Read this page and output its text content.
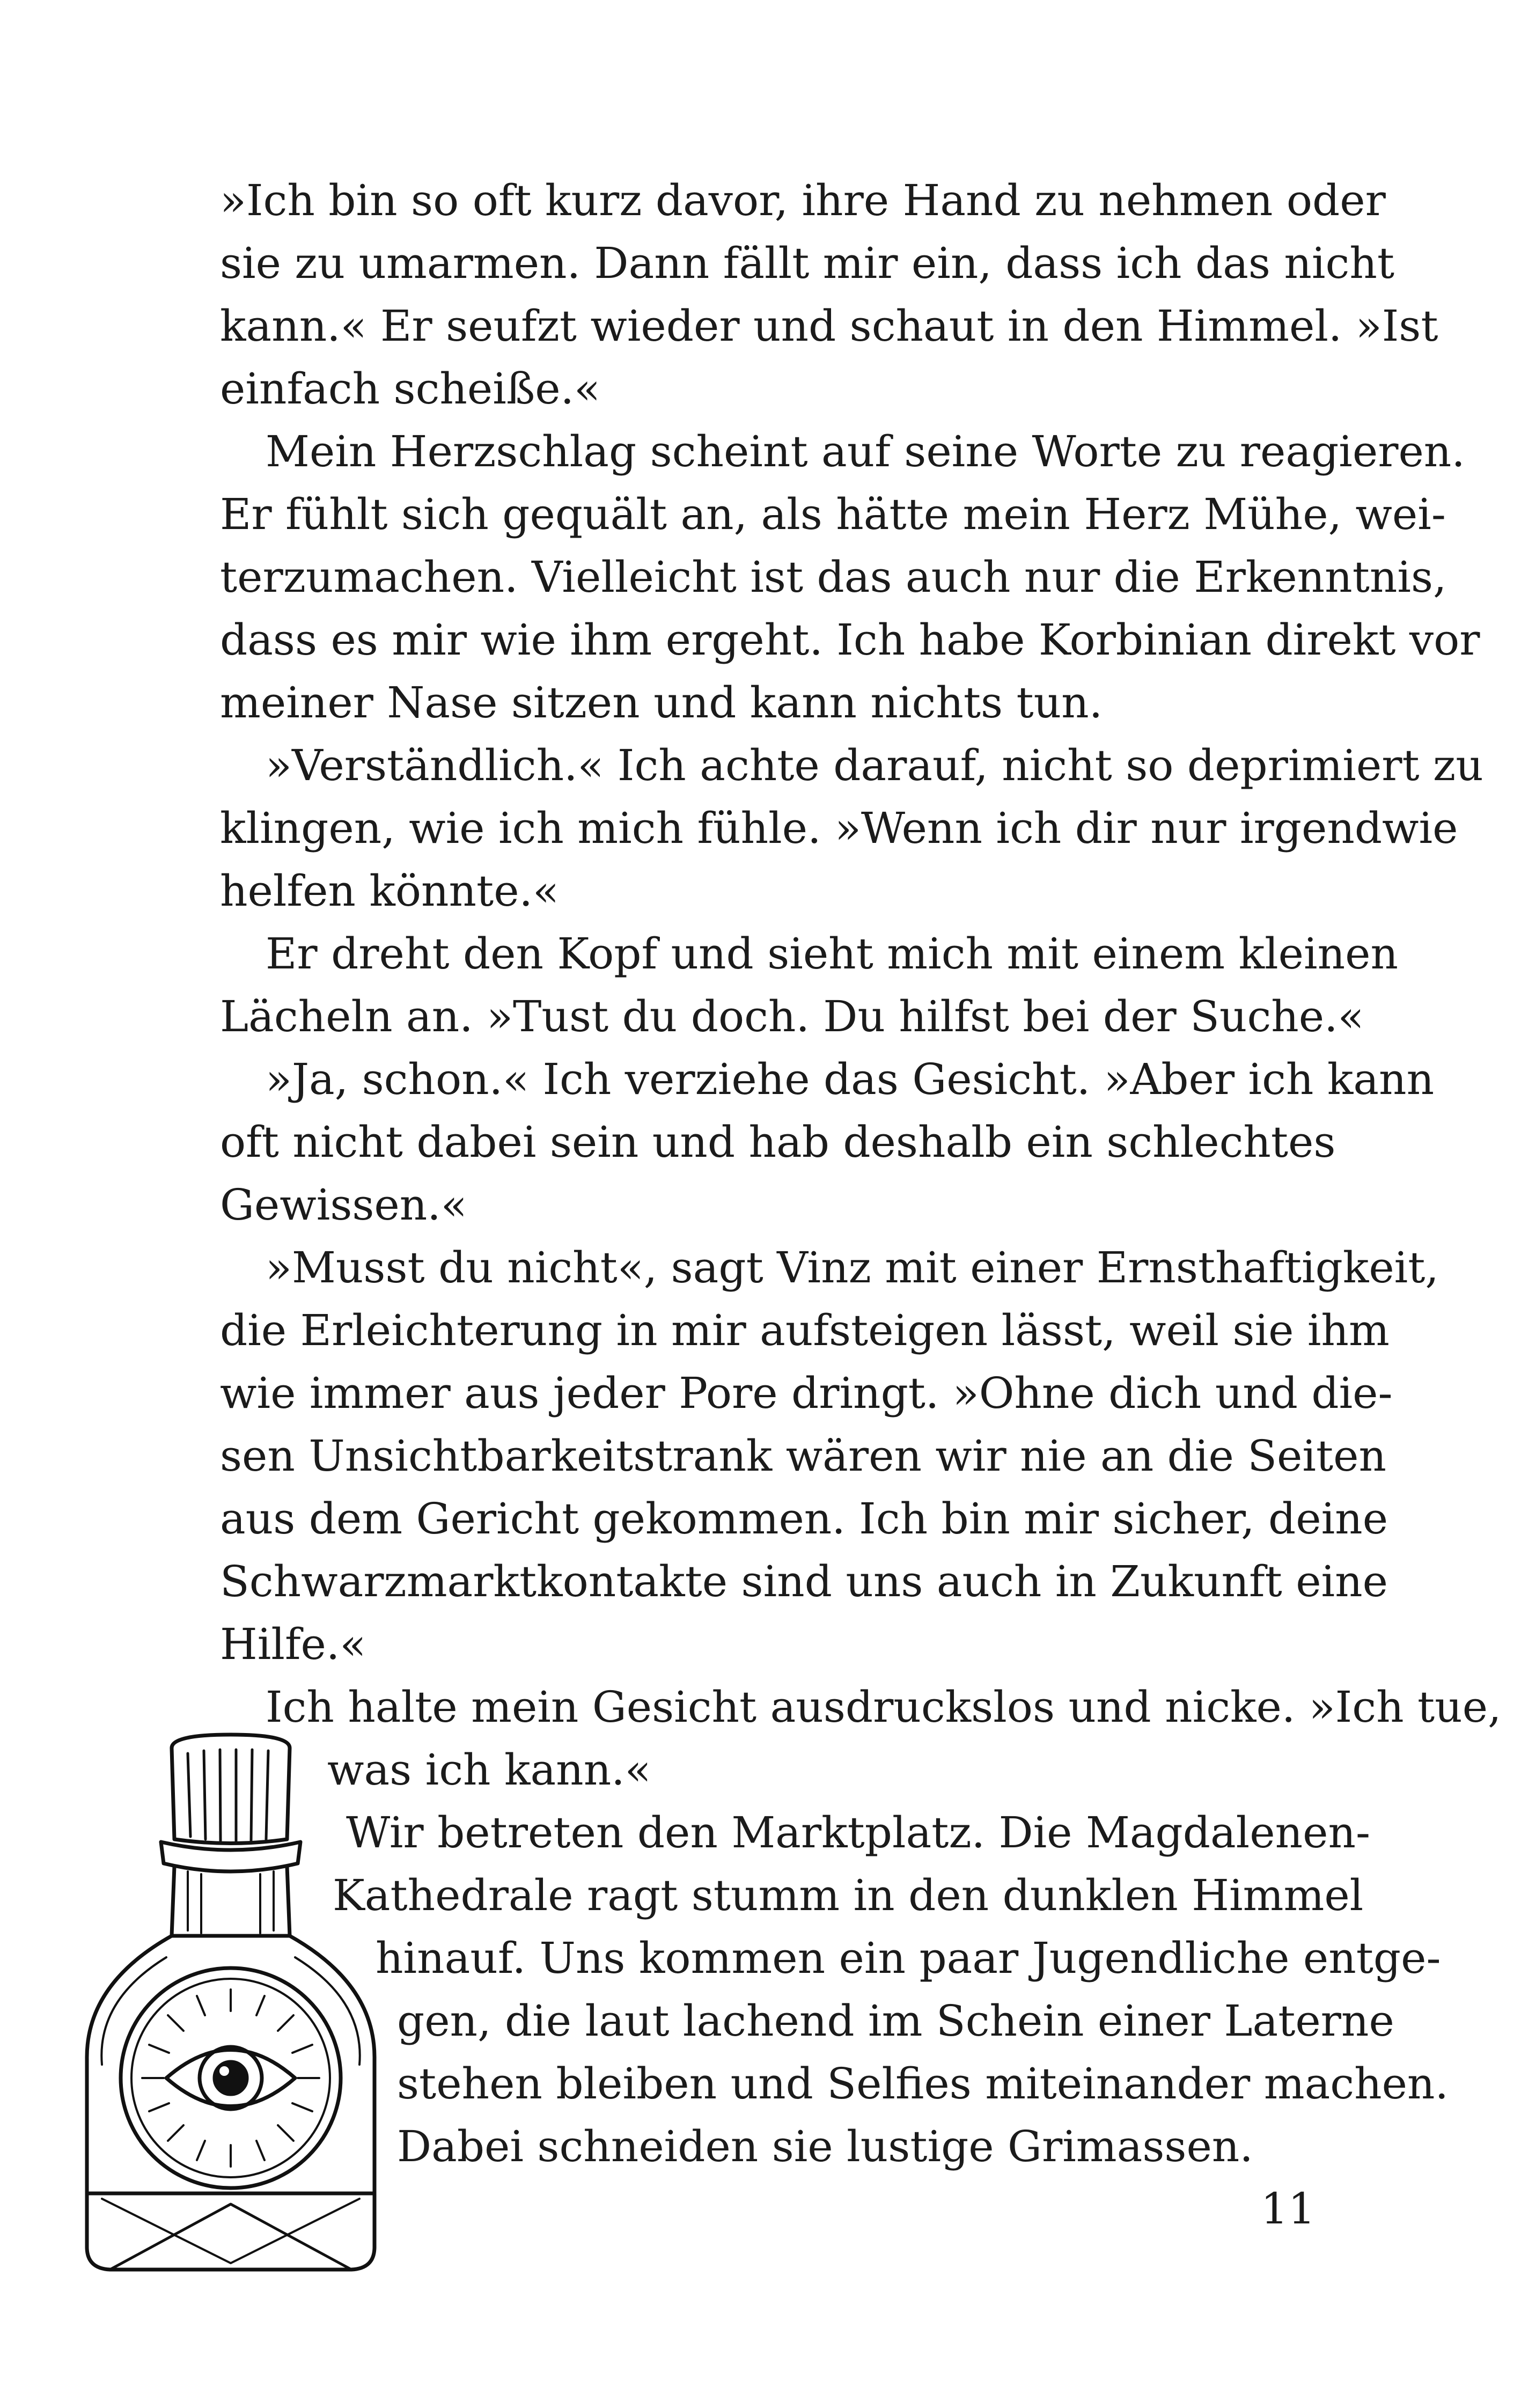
»Ich bin so oft kurz davor, ihre Hand zu nehmen oder
sie zu umarmen. Dann fällt mir ein, dass ich das nicht
kann.« Er seufzt wieder und schaut in den Himmel. »Ist
einfach scheiße.«
Mein Herzschlag scheint auf seine Worte zu reagieren.
Er fühlt sich gequält an, als hätte mein Herz Mühe, wei-
terzumachen. Vielleicht ist das auch nur die Erkenntnis,
dass es mir wie ihm ergeht. Ich habe Korbinian direkt vor
meiner Nase sitzen und kann nichts tun.
»Verständlich.« Ich achte darauf, nicht so deprimiert zu
klingen, wie ich mich fühle. »Wenn ich dir nur irgendwie
helfen könnte.«
Er dreht den Kopf und sieht mich mit einem kleinen
Lächeln an. »Tust du doch. Du hilfst bei der Suche.«
»Ja, schon.« Ich verziehe das Gesicht. »Aber ich kann
oft nicht dabei sein und hab deshalb ein schlechtes
Gewissen.«
»Musst du nicht«, sagt Vinz mit einer Ernsthaftigkeit,
die Erleichterung in mir aufsteigen lässt, weil sie ihm
wie immer aus jeder Pore dringt. »Ohne dich und die-
sen Unsichtbarkeitstrank wären wir nie an die Seiten
aus dem Gericht gekommen. Ich bin mir sicher, deine
Schwarzmarktkontakte sind uns auch in Zukunft eine
Hilfe.«
Ich halte mein Gesicht ausdruckslos und nicke. »Ich tue,
was ich kann.«
Wir betreten den Marktplatz. Die Magdalenen-
Kathedrale ragt stumm in den dunklen Himmel
hinauf. Uns kommen ein paar Jugendliche entge-
gen, die laut lachend im Schein einer Laterne
stehen bleiben und Selfies miteinander machen.
Dabei schneiden sie lustige Grimassen.
11
